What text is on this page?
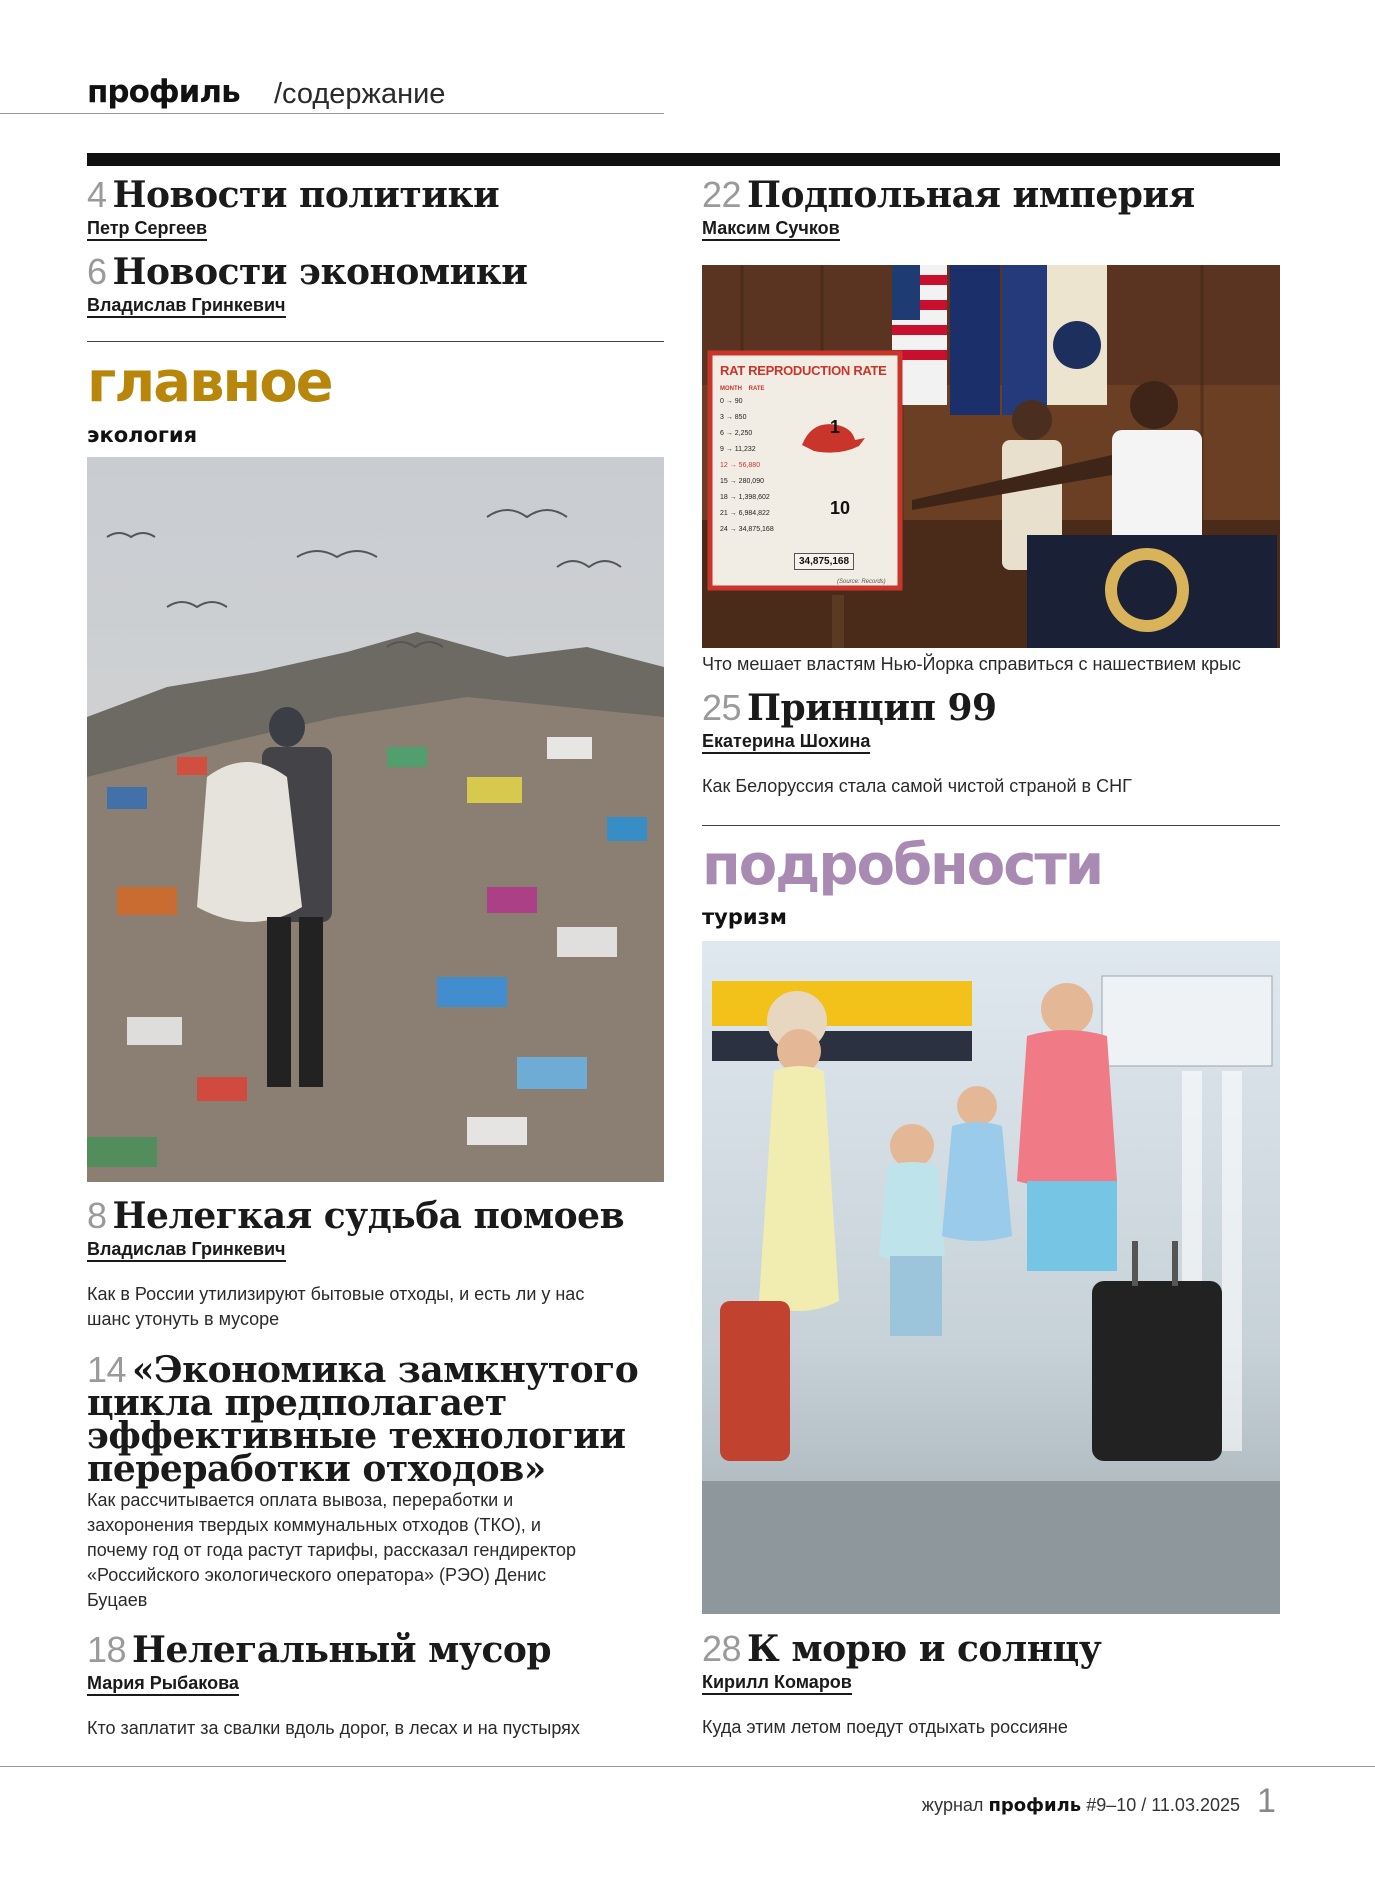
профиль /содержание
4 Новости политики
Петр Сергеев
6 Новости экономики
Владислав Гринкевич
главное
экология
8 Нелегкая судьба помоев
Владислав Гринкевич
Как в России утилизируют бытовые отходы, и есть ли у нас шанс утонуть в мусоре
14 «Экономика замкнутого цикла предполагает эффективные технологии переработки отходов»
Как рассчитывается оплата вывоза, переработки и захоронения твердых коммунальных отходов (ТКО), и почему год от года растут тарифы, рассказал гендиректор «Российского экологического оператора» (РЭО) Денис Буцаев
18 Нелегальный мусор
Мария Рыбакова
Кто заплатит за свалки вдоль дорог, в лесах и на пустырях
22 Подпольная империя
Максим Сучков
RAT REPRODUCTION RATE
MONTH RATE
0 → 90
3 → 850
6 → 2,250
9 → 11,232
12 → 56,880
15 → 280,090
18 → 1,398,602
21 → 6,984,822
24 → 34,875,168
1
10
34,875,168
(Source: Records)
Что мешает властям Нью-Йорка справиться с нашествием крыс
25 Принцип 99
Екатерина Шохина
Как Белоруссия стала самой чистой страной в СНГ
подробности
туризм
28 К морю и солнцу
Кирилл Комаров
Куда этим летом поедут отдыхать россияне
журнал профиль #9–10 / 11.03.2025 1
